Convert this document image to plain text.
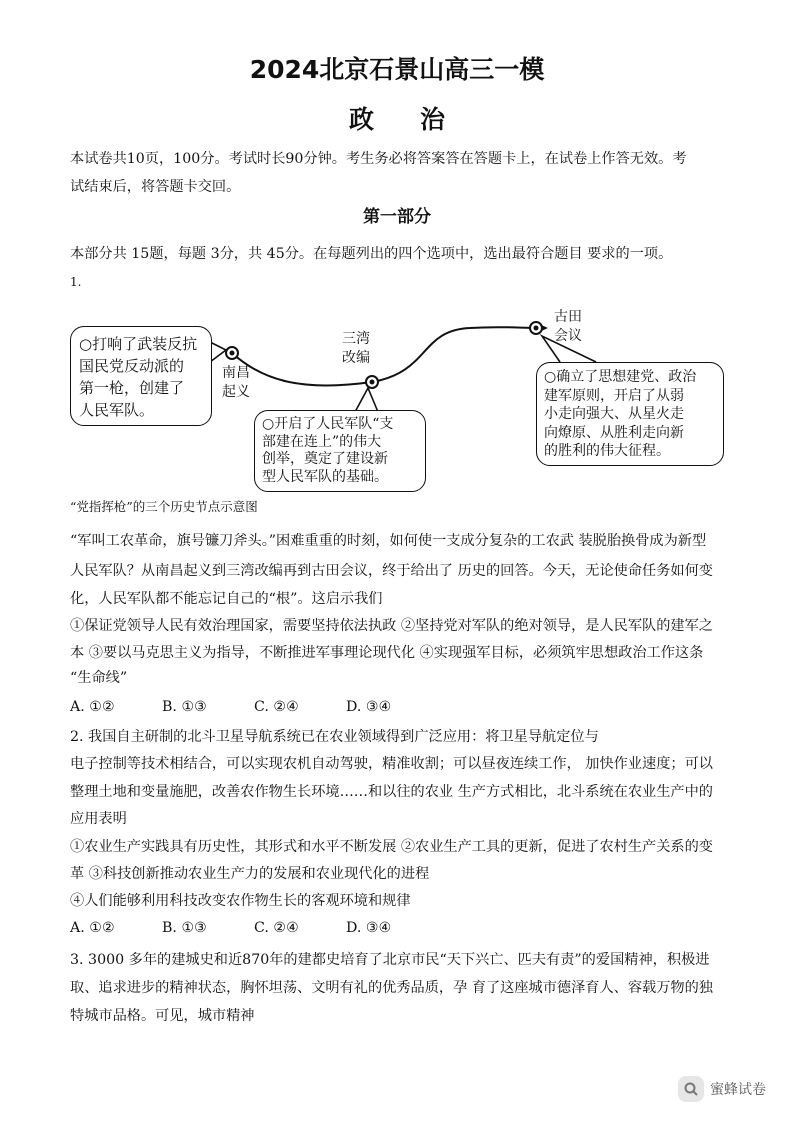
2024北京石景山高三一模
政治
本试卷共10页，100分。考试时长90分钟。考生务必将答案答在答题卡上，在试卷上作答无效。考
试结束后，将答题卡交回。
第一部分
本部分共 15题，每题 3分，共 45分。在每题列出的四个选项中，选出最符合题目 要求的一项。
1.
○打响了武装反抗
国民党反动派的
第一枪，创建了
人民军队。
○开启了人民军队“支
部建在连上”的伟大
创举，奠定了建设新
型人民军队的基础。
○确立了思想建党、政治
建军原则，开启了从弱
小走向强大、从星火走
向燎原、从胜利走向新
的胜利的伟大征程。
南昌起义
三湾改编
古田会议
“党指挥枪”的三个历史节点示意图
“军叫工农革命，旗号镰刀斧头。”困难重重的时刻，如何使一支成分复杂的工农武 装脱胎换骨成为新型
人民军队？从南昌起义到三湾改编再到古田会议，终于给出了 历史的回答。今天，无论使命任务如何变
化，人民军队都不能忘记自己的“根”。这启示我们
①保证党领导人民有效治理国家，需要坚持依法执政 ②坚持党对军队的绝对领导，是人民军队的建军之
本 ③要以马克思主义为指导，不断推进军事理论现代化 ④实现强军目标，必须筑牢思想政治工作这条
“生命线”
A. ①②	B. ①③	C. ②④	D. ③④
2. 我国自主研制的北斗卫星导航系统已在农业领域得到广泛应用：将卫星导航定位与
电子控制等技术相结合，可以实现农机自动驾驶，精准收割；可以昼夜连续工作， 加快作业速度；可以
整理土地和变量施肥，改善农作物生长环境……和以往的农业 生产方式相比，北斗系统在农业生产中的
应用表明
①农业生产实践具有历史性，其形式和水平不断发展 ②农业生产工具的更新，促进了农村生产关系的变
革 ③科技创新推动农业生产力的发展和农业现代化的进程
④人们能够利用科技改变农作物生长的客观环境和规律
A. ①②	B. ①③	C. ②④	D. ③④
3. 3000 多年的建城史和近870年的建都史培育了北京市民“天下兴亡、匹夫有责”的爱国精神，积极进
取、追求进步的精神状态，胸怀坦荡、文明有礼的优秀品质，孕 育了这座城市德泽育人、容载万物的独
特城市品格。可见，城市精神
蜜蜂试卷
